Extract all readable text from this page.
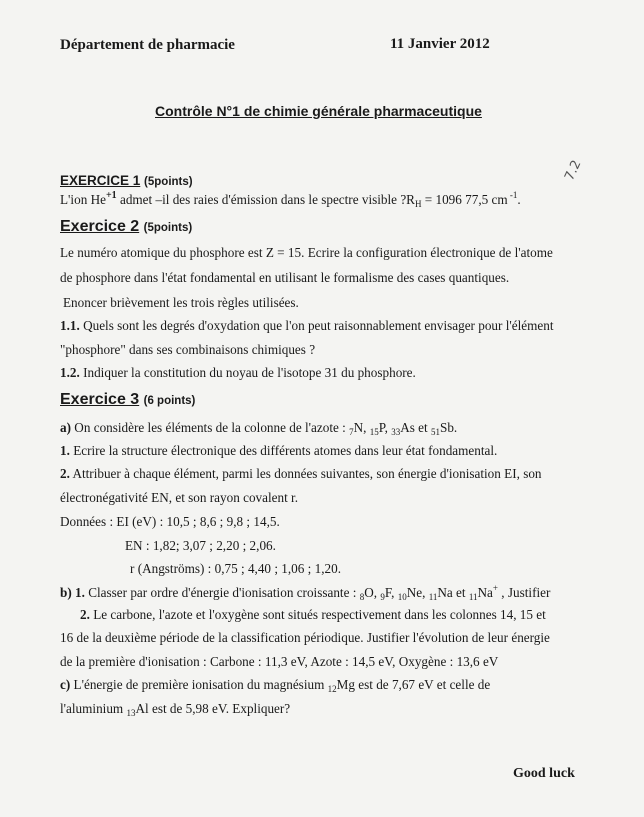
Département de pharmacie	11 Janvier 2012
Contrôle N°1 de chimie générale pharmaceutique
7.2
EXERCICE 1 (5points)
L'ion $He^{+1}$ admet –il des raies d'émission dans le spectre visible $?R_H = 1096$ 77,5 cm $^{-1}$.
Exercice 2 (5points)
Le numéro atomique du phosphore est Z = 15. Ecrire la configuration électronique de l'atome
de phosphore dans l'état fondamental en utilisant le formalisme des cases quantiques.
Enoncer brièvement les trois règles utilisées.
1.1. Quels sont les degrés d'oxydation que l'on peut raisonnablement envisager pour l'élément
"phosphore" dans ses combinaisons chimiques ?
1.2. Indiquer la constitution du noyau de l'isotope 31 du phosphore.
Exercice 3 (6 points)
a) On considère les éléments de la colonne de l'azote : $_7$N, $_{15}$P, $_{33}$As et $_{51}$Sb.
1. Ecrire la structure électronique des différents atomes dans leur état fondamental.
2. Attribuer à chaque élément, parmi les données suivantes, son énergie d'ionisation EI, son
électronégativité EN, et son rayon covalent r.
Données : EI (eV) : 10,5 ; 8,6 ; 9,8 ; 14,5.
EN : 1,82; 3,07 ; 2,20 ; 2,06.
r (Angstrӧms) : 0,75 ; 4,40 ; 1,06 ; 1,20.
b) 1. Classer par ordre d'énergie d'ionisation croissante : $_8$O, $_9$F, $_{10}$Ne, $_{11}$Na et $_{11}$Na+ , Justifier
2. Le carbone, l'azote et l'oxygène sont situés respectivement dans les colonnes 14, 15 et
16 de la deuxième période de la classification périodique. Justifier l'évolution de leur énergie
de la première d'ionisation : Carbone : 11,3 eV, Azote : 14,5 eV, Oxygène : 13,6 eV
c) L'énergie de première ionisation du magnésium $_{12}$Mg est de 7,67 eV et celle de
l'aluminium $_{13}$Al est de 5,98 eV. Expliquer?
Good luck
